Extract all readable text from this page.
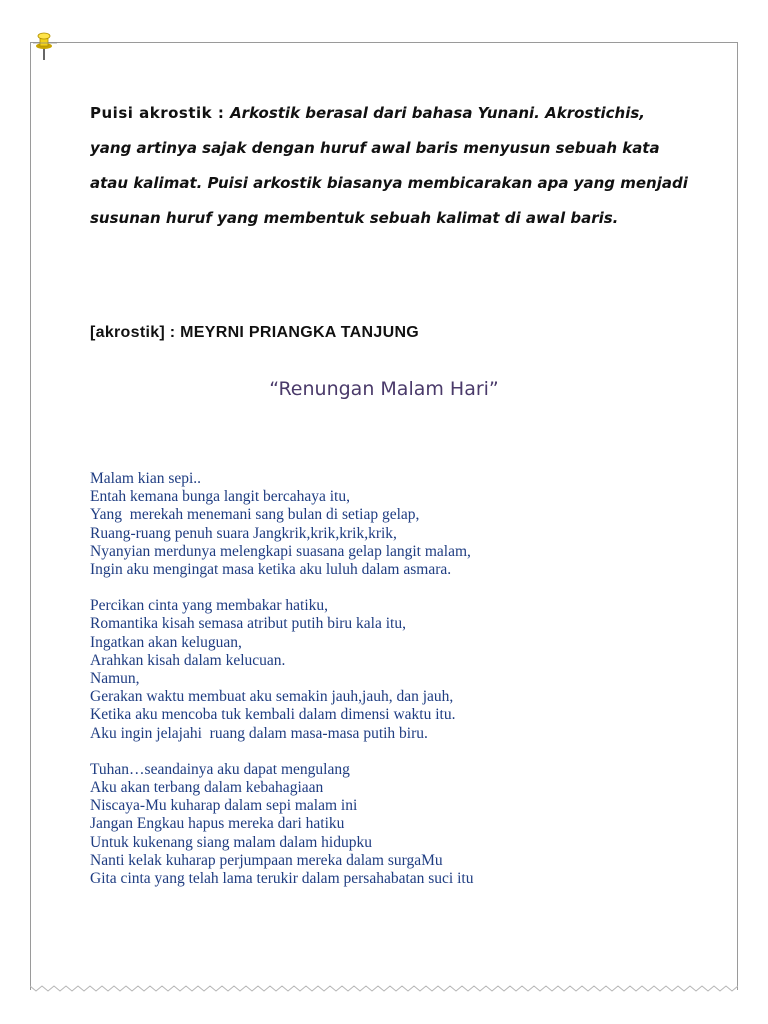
Puisi akrostik : Arkostik berasal dari bahasa Yunani. Akrostichis, yang artinya sajak dengan huruf awal baris menyusun sebuah kata atau kalimat. Puisi arkostik biasanya membicarakan apa yang menjadi susunan huruf yang membentuk sebuah kalimat di awal baris.
[akrostik] : MEYRNI PRIANGKA TANJUNG
“Renungan Malam Hari”
Malam kian sepi..
Entah kemana bunga langit bercahaya itu,
Yang  merekah menemani sang bulan di setiap gelap,
Ruang-ruang penuh suara Jangkrik,krik,krik,krik,
Nyanyian merdunya melengkapi suasana gelap langit malam,
Ingin aku mengingat masa ketika aku luluh dalam asmara.
Percikan cinta yang membakar hatiku,
Romantika kisah semasa atribut putih biru kala itu,
Ingatkan akan keluguan,
Arahkan kisah dalam kelucuan.
Namun,
Gerakan waktu membuat aku semakin jauh,jauh, dan jauh,
Ketika aku mencoba tuk kembali dalam dimensi waktu itu.
Aku ingin jelajahi  ruang dalam masa-masa putih biru.
Tuhan…seandainya aku dapat mengulang
Aku akan terbang dalam kebahagiaan
Niscaya-Mu kuharap dalam sepi malam ini
Jangan Engkau hapus mereka dari hatiku
Untuk kukenang siang malam dalam hidupku
Nanti kelak kuharap perjumpaan mereka dalam surgaMu
Gita cinta yang telah lama terukir dalam persahabatan suci itu
